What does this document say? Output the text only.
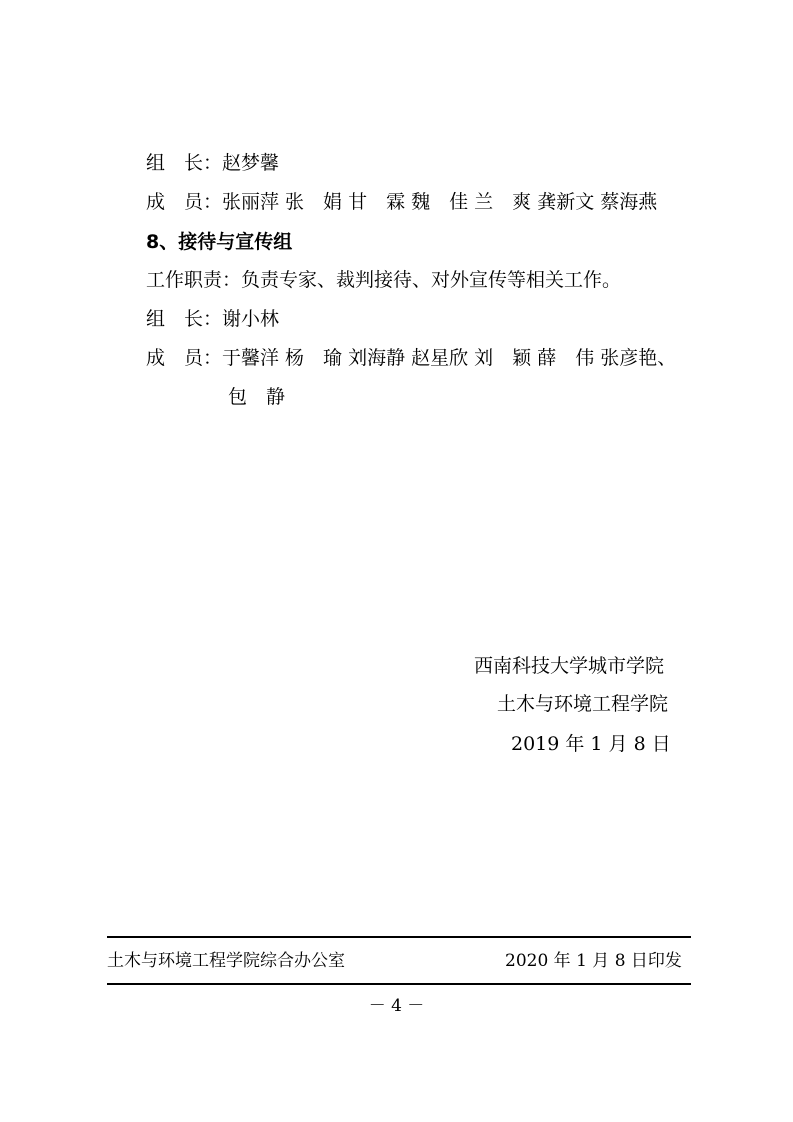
组　长：赵梦馨
成　员：张丽萍 张　娟 甘　霖 魏　佳 兰　爽 龚新文 蔡海燕
8、接待与宣传组
工作职责：负责专家、裁判接待、对外宣传等相关工作。
组　长：谢小林
成　员：于馨洋 杨　瑜 刘海静 赵星欣 刘　颖 薛　伟 张彦艳、
包　静
西南科技大学城市学院
土木与环境工程学院
2019 年 1 月 8 日
土木与环境工程学院综合办公室	2020 年 1 月 8 日印发
－ 4 －
